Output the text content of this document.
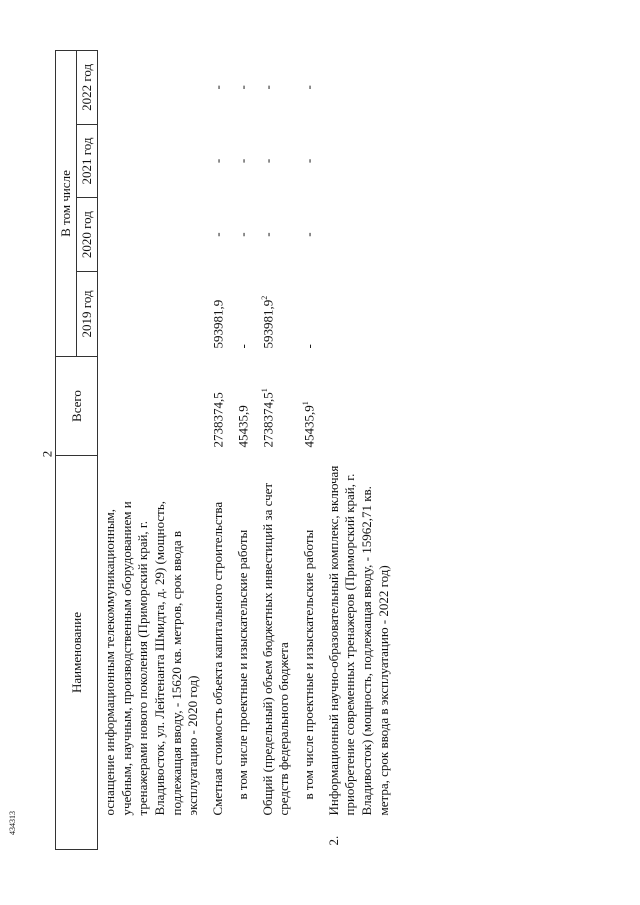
2
434313
Наименование		Всего	В том числе			
			2019 год	2020 год	2021 год	2022 год
	оснащение информационным телекоммуникационным, учебным, научным, производственным оборудованием и тренажерами нового поколения (Приморский край, г. Владивосток, ул. Лейтенанта Шмидта, д. 29) (мощность, подлежащая вводу, - 15620 кв. метров, срок ввода в эксплуатацию - 2020 год)					
	Сметная стоимость объекта капитального строительства	2738374,5	593981,9	-	-	-
	в том числе проектные и изыскательские работы	45435,9	-	-	-	-
	Общий (предельный) объем бюджетных инвестиций за счет средств федерального бюджета	2738374,5$^1$	593981,9$^2$	-	-	-
	в том числе проектные и изыскательские работы	45435,9$^1$	-	-	-	-
2.	Информационный научно-образовательный комплекс, включая приобретение современных тренажеров (Приморский край, г. Владивосток) (мощность, подлежащая вводу, - 15962,71 кв. метра, срок ввода в эксплуатацию - 2022 год)					
